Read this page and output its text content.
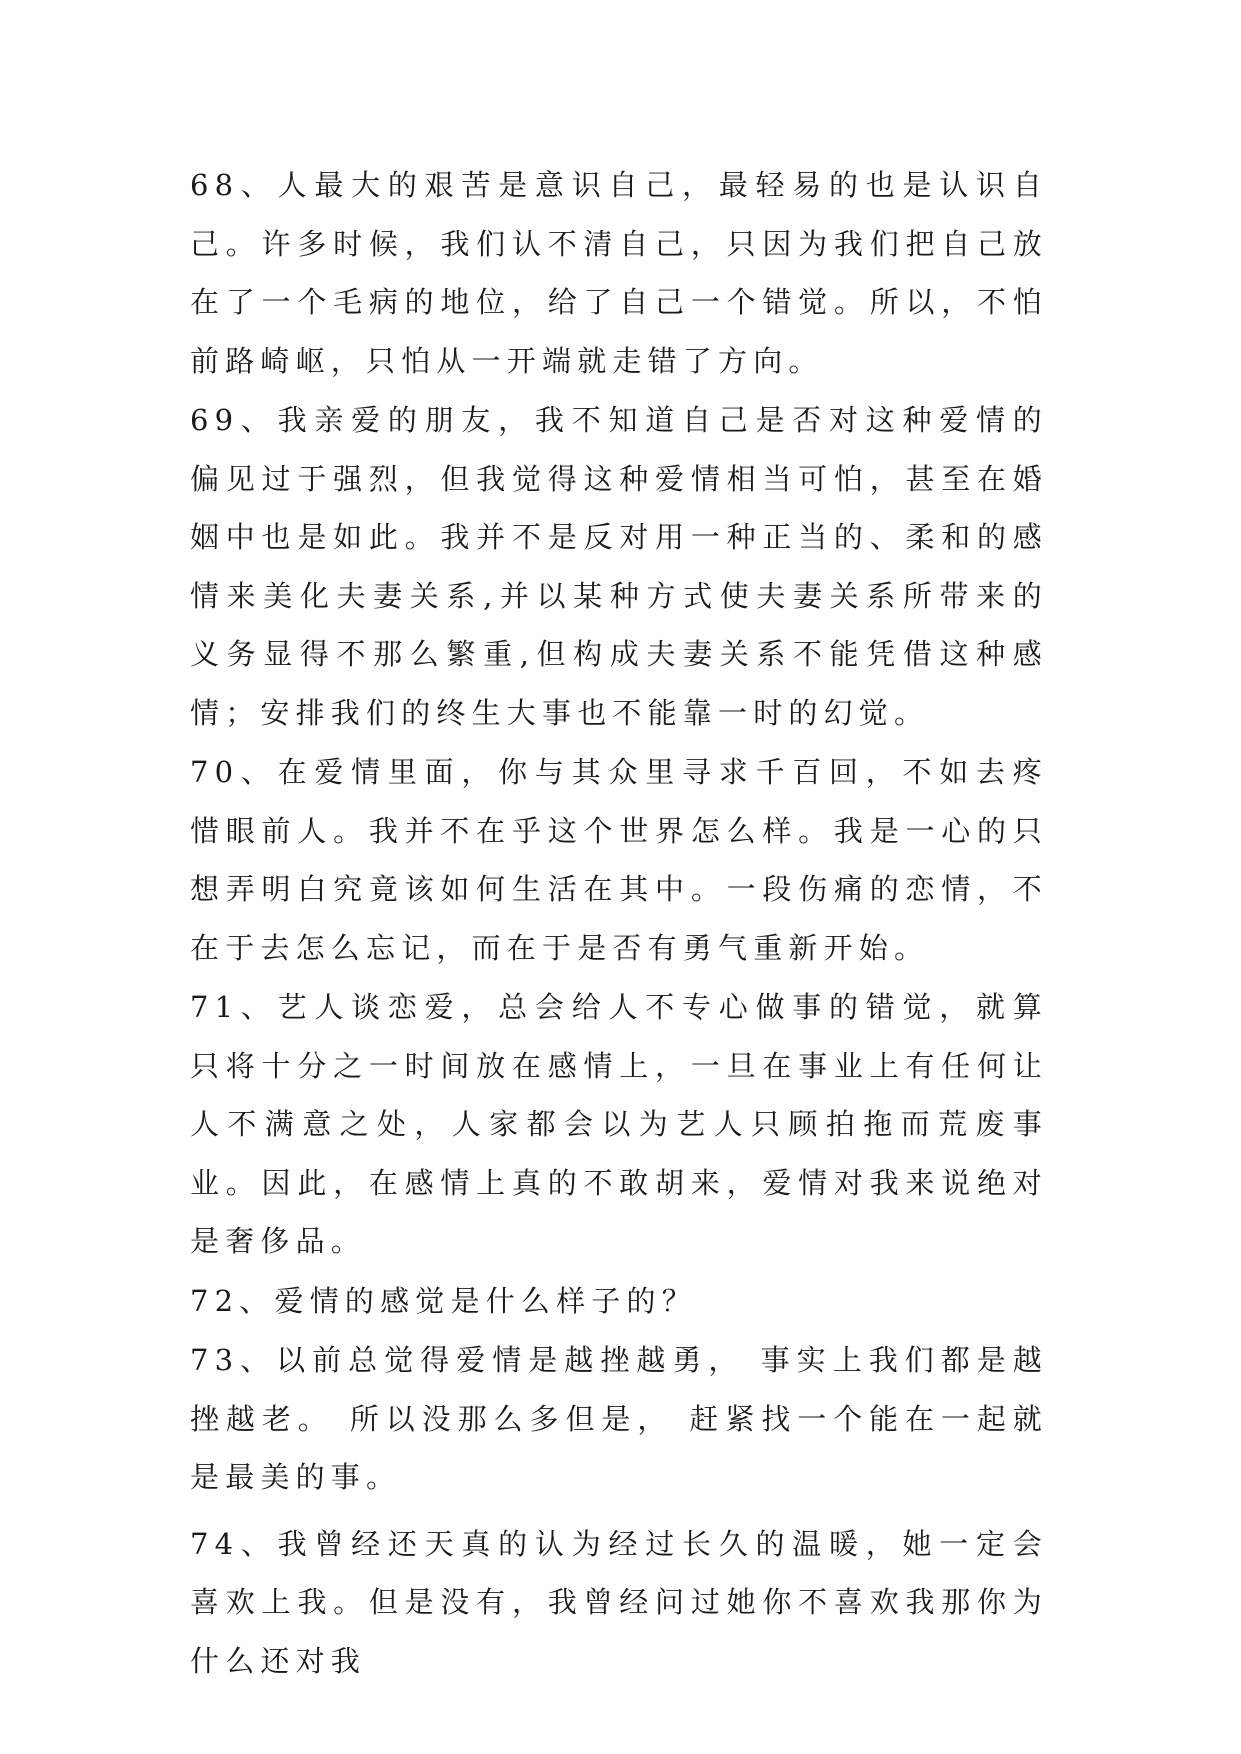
68、人最大的艰苦是意识自己，最轻易的也是认识自己。许多时候，我们认不清自己，只因为我们把自己放在了一个毛病的地位，给了自己一个错觉。所以，不怕前路崎岖，只怕从一开端就走错了方向。

69、我亲爱的朋友，我不知道自己是否对这种爱情的偏见过于强烈，但我觉得这种爱情相当可怕，甚至在婚姻中也是如此。我并不是反对用一种正当的、柔和的感情来美化夫妻关系,并以某种方式使夫妻关系所带来的义务显得不那么繁重,但构成夫妻关系不能凭借这种感情；安排我们的终生大事也不能靠一时的幻觉。

70、在爱情里面，你与其众里寻求千百回，不如去疼惜眼前人。我并不在乎这个世界怎么样。我是一心的只想弄明白究竟该如何生活在其中。一段伤痛的恋情，不在于去怎么忘记，而在于是否有勇气重新开始。

71、艺人谈恋爱，总会给人不专心做事的错觉，就算只将十分之一时间放在感情上，一旦在事业上有任何让人不满意之处，人家都会以为艺人只顾拍拖而荒废事业。因此，在感情上真的不敢胡来，爱情对我来说绝对是奢侈品。

72、爱情的感觉是什么样子的？

73、以前总觉得爱情是越挫越勇， 事实上我们都是越挫越老。 所以没那么多但是， 赶紧找一个能在一起就是最美的事。

74、我曾经还天真的认为经过长久的温暖，她一定会喜欢上我。但是没有，我曾经问过她你不喜欢我那你为什么还对我
